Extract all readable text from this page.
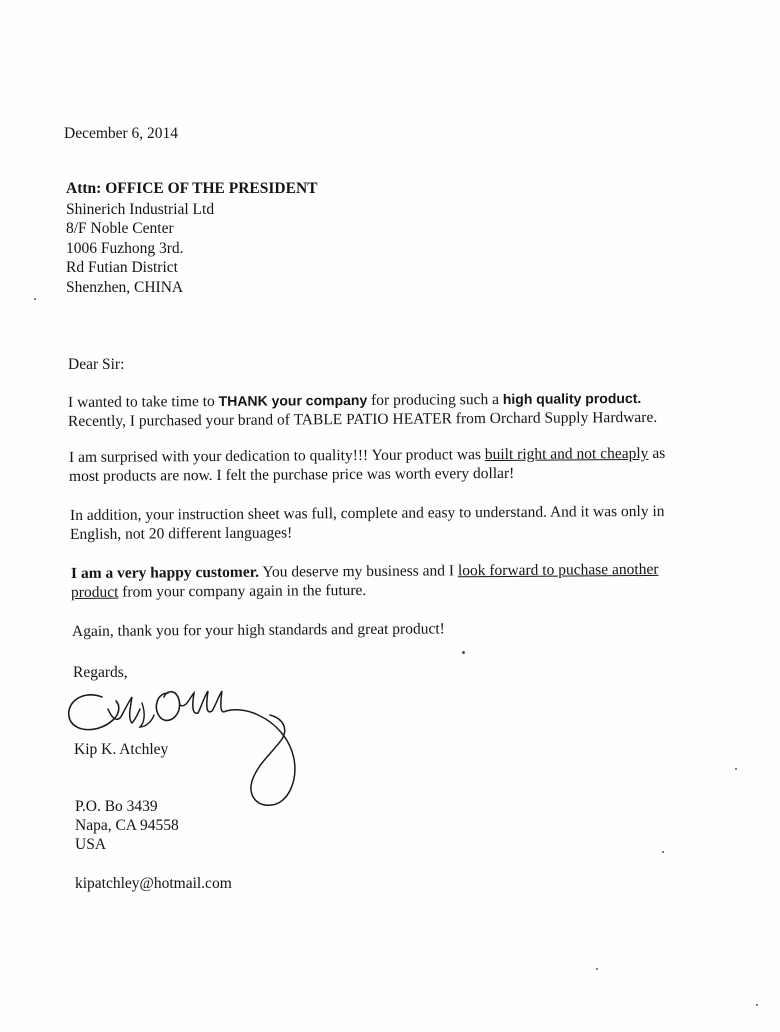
December 6, 2014
Attn: OFFICE OF THE PRESIDENT
Shinerich Industrial Ltd
8/F Noble Center
1006 Fuzhong 3rd.
Rd Futian District
Shenzhen, CHINA
Dear Sir:
I wanted to take time to THANK your company for producing such a high quality product.
Recently, I purchased your brand of TABLE PATIO HEATER from Orchard Supply Hardware.
I am surprised with your dedication to quality!!! Your product was built right and not cheaply as
most products are now. I felt the purchase price was worth every dollar!
In addition, your instruction sheet was full, complete and easy to understand. And it was only in
English, not 20 different languages!
I am a very happy customer. You deserve my business and I look forward to puchase another
product from your company again in the future.
Again, thank you for your high standards and great product!
Regards,
Kip K. Atchley
P.O. Bo 3439
Napa, CA 94558
USA
kipatchley@hotmail.com
